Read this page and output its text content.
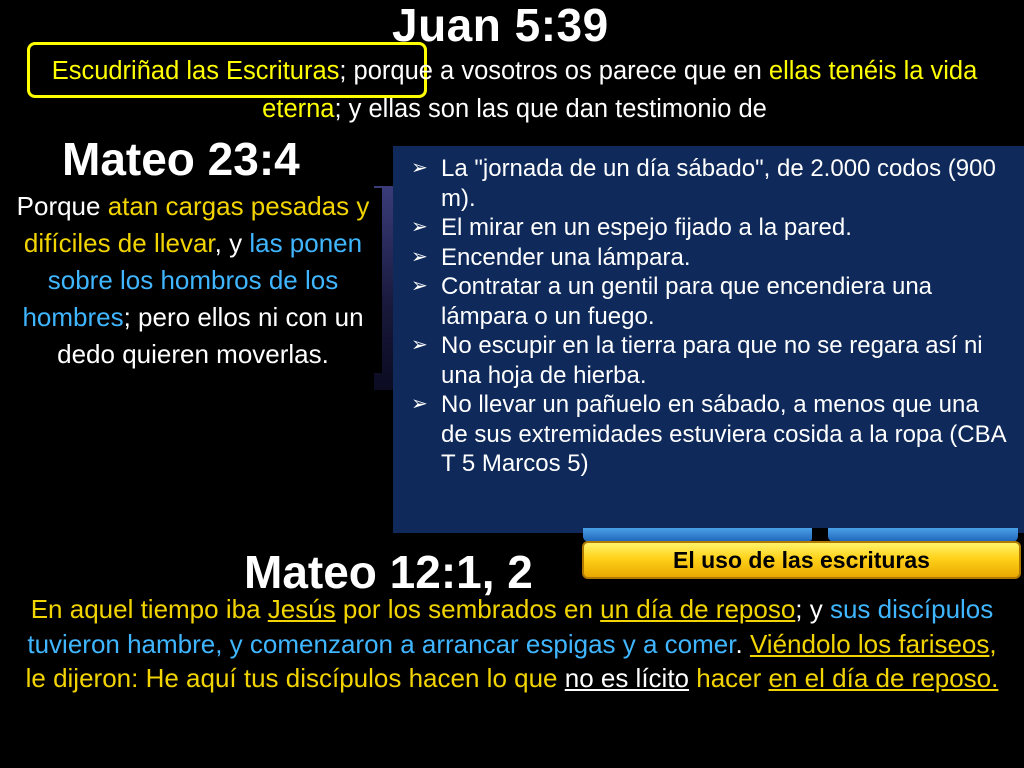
Juan 5:39
Escudriñad las Escrituras; porque a vosotros os parece que en ellas tenéis la vida eterna; y ellas son las que dan testimonio de
Mateo 23:4
Porque atan cargas pesadas y difíciles de llevar, y las ponen sobre los hombros de los hombres; pero ellos ni con un dedo quieren moverlas.
➢ La "jornada de un día sábado", de 2.000 codos (900 m).
➢ El mirar en un espejo fijado a la pared.
➢ Encender una lámpara.
➢ Contratar a un gentil para que encendiera una lámpara o un fuego.
➢ No escupir en la tierra para que no se regara así ni una hoja de hierba.
➢ No llevar un pañuelo en sábado, a menos que una de sus extremidades estuviera cosida a la ropa (CBA T 5 Marcos 5)
El uso de las escrituras
Mateo 12:1, 2
En aquel tiempo iba Jesús por los sembrados en un día de reposo; y sus discípulos tuvieron hambre, y comenzaron a arrancar espigas y a comer. Viéndolo los fariseos, le dijeron: He aquí tus discípulos hacen lo que no es lícito hacer en el día de reposo.
